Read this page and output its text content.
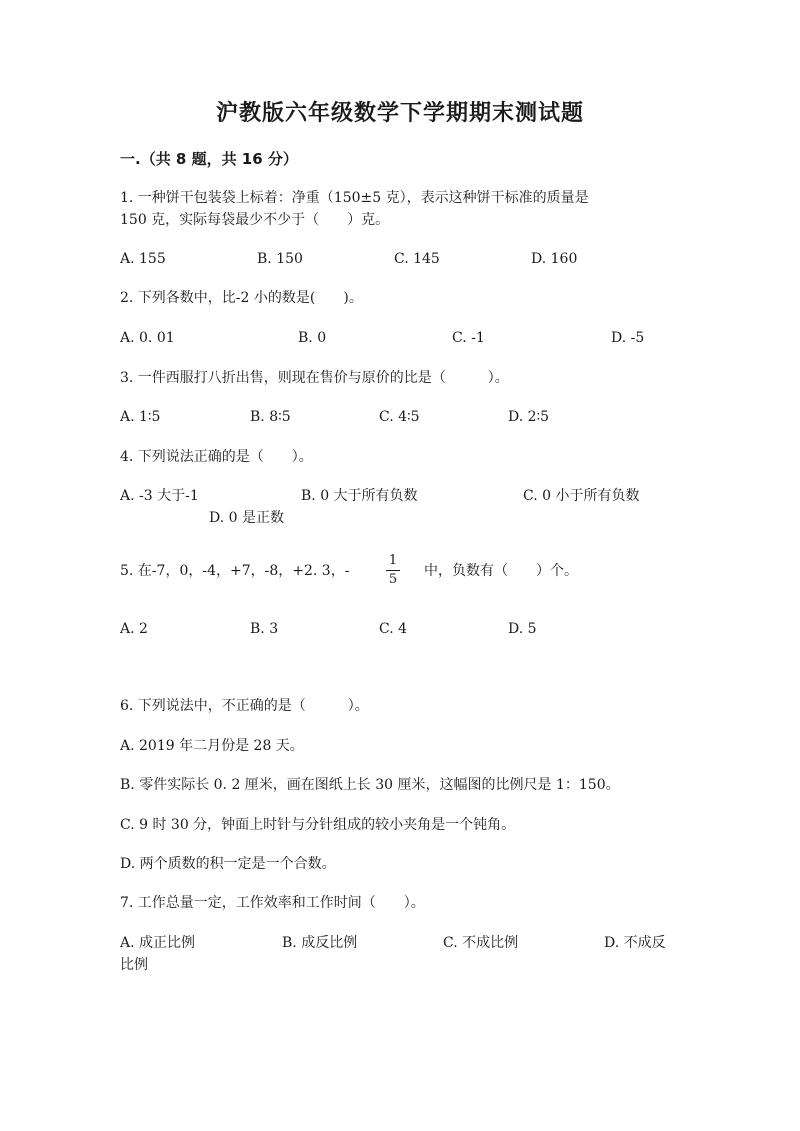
沪教版六年级数学下学期期末测试题
一.（共 8 题，共 16 分）
1. 一种饼干包装袋上标着：净重（150±5 克），表示这种饼干标准的质量是
150 克，实际每袋最少不少于（　　）克。
A. 155	B. 150	C. 145	D. 160
2. 下列各数中，比-2 小的数是(　　)。
A. 0. 01	B. 0	C. -1	D. -5
3. 一件西服打八折出售，则现在售价与原价的比是（　　　）。
A. 1∶5	B. 8∶5	C. 4∶5	D. 2∶5
4. 下列说法正确的是（　　）。
A. -3 大于-1	B. 0 大于所有负数	C. 0 小于所有负数
D. 0 是正数
5. 在-7，0，-4，+7，-8，+2. 3，-
1
5
中，负数有（　　）个。
A. 2	B. 3	C. 4	D. 5
6. 下列说法中，不正确的是（　　　）。
A. 2019 年二月份是 28 天。
B. 零件实际长 0. 2 厘米，画在图纸上长 30 厘米，这幅图的比例尺是 1：150。
C. 9 时 30 分，钟面上时针与分针组成的较小夹角是一个钝角。
D. 两个质数的积一定是一个合数。
7. 工作总量一定，工作效率和工作时间（　　）。
A. 成正比例	B. 成反比例	C. 不成比例	D. 不成反
比例
